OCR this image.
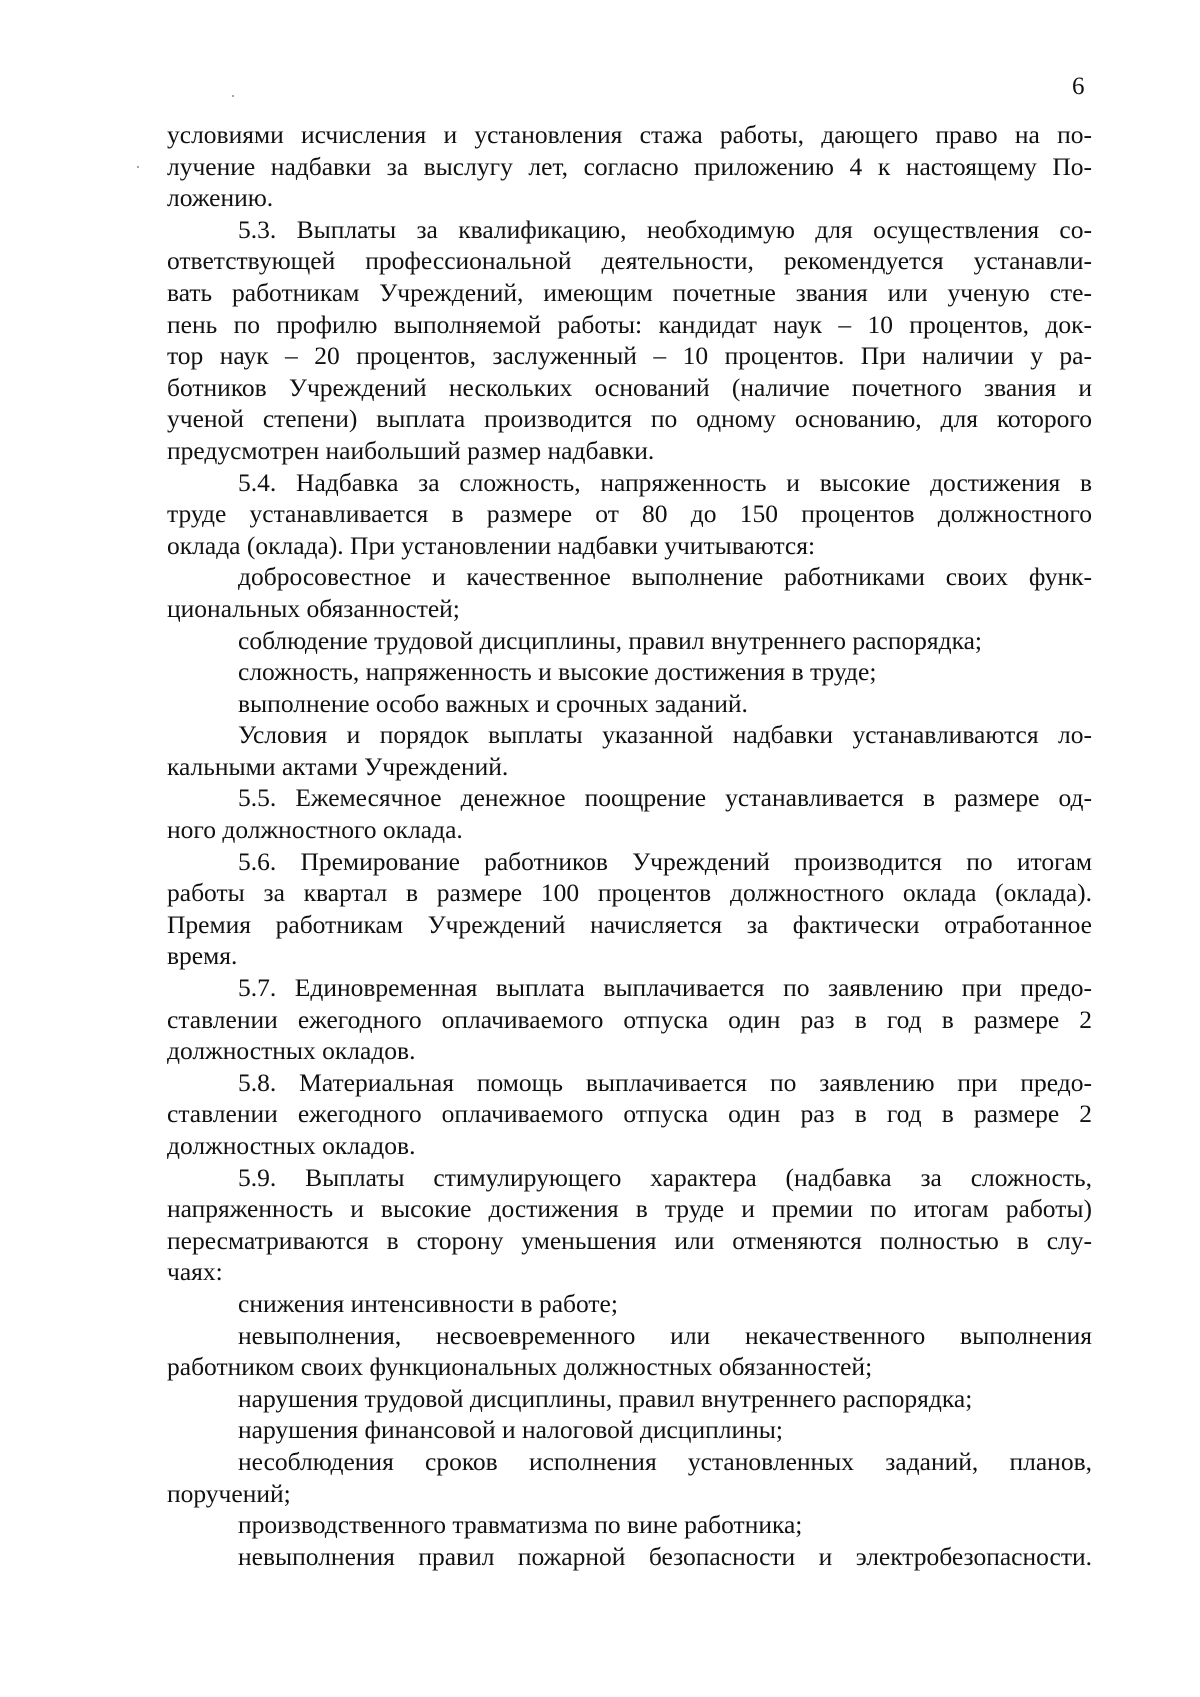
6
условиями исчисления и установления стажа работы, дающего право на по-
лучение надбавки за выслугу лет, согласно приложению 4 к настоящему По-
ложению.
5.3. Выплаты за квалификацию, необходимую для осуществления со-
ответствующей профессиональной деятельности, рекомендуется устанавли-
вать работникам Учреждений, имеющим почетные звания или ученую сте-
пень по профилю выполняемой работы: кандидат наук – 10 процентов, док-
тор наук – 20 процентов, заслуженный – 10 процентов. При наличии у ра-
ботников Учреждений нескольких оснований (наличие почетного звания и
ученой степени) выплата производится по одному основанию, для которого
предусмотрен наибольший размер надбавки.
5.4. Надбавка за сложность, напряженность и высокие достижения в
труде устанавливается в размере от 80 до 150 процентов должностного
оклада (оклада). При установлении надбавки учитываются:
добросовестное и качественное выполнение работниками своих функ-
циональных обязанностей;
соблюдение трудовой дисциплины, правил внутреннего распорядка;
сложность, напряженность и высокие достижения в труде;
выполнение особо важных и срочных заданий.
Условия и порядок выплаты указанной надбавки устанавливаются ло-
кальными актами Учреждений.
5.5. Ежемесячное денежное поощрение устанавливается в размере од-
ного должностного оклада.
5.6. Премирование работников Учреждений производится по итогам
работы за квартал в размере 100 процентов должностного оклада (оклада).
Премия работникам Учреждений начисляется за фактически отработанное
время.
5.7. Единовременная выплата выплачивается по заявлению при предо-
ставлении ежегодного оплачиваемого отпуска один раз в год в размере 2
должностных окладов.
5.8. Материальная помощь выплачивается по заявлению при предо-
ставлении ежегодного оплачиваемого отпуска один раз в год в размере 2
должностных окладов.
5.9. Выплаты стимулирующего характера (надбавка за сложность,
напряженность и высокие достижения в труде и премии по итогам работы)
пересматриваются в сторону уменьшения или отменяются полностью в слу-
чаях:
снижения интенсивности в работе;
невыполнения, несвоевременного или некачественного выполнения
работником своих функциональных должностных обязанностей;
нарушения трудовой дисциплины, правил внутреннего распорядка;
нарушения финансовой и налоговой дисциплины;
несоблюдения сроков исполнения установленных заданий, планов,
поручений;
производственного травматизма по вине работника;
невыполнения правил пожарной безопасности и электробезопасности.
